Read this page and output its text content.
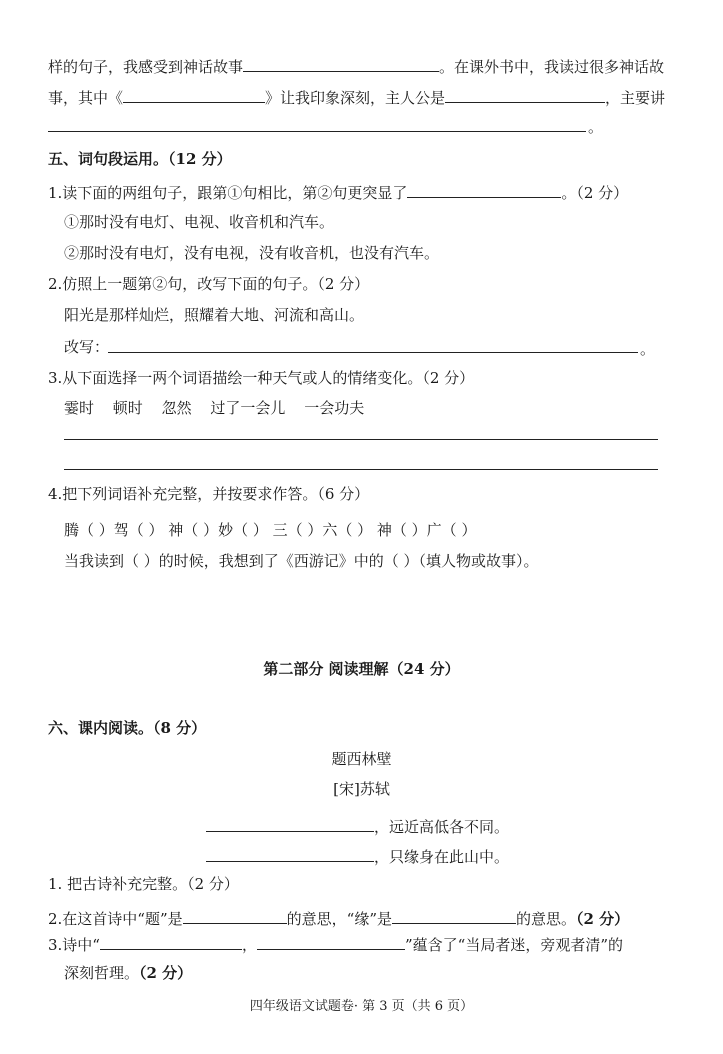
样的句子，我感受到神话故事	。在课外书中，我读过很多神话故
事，其中《	》让我印象深刻，主人公是	，主要讲
。
五、词句段运用。（12 分）
1.读下面的两组句子，跟第①句相比，第②句更突显了	。（2 分）
①那时没有电灯、电视、收音机和汽车。
②那时没有电灯，没有电视，没有收音机，也没有汽车。
2.仿照上一题第②句，改写下面的句子。（2 分）
阳光是那样灿烂，照耀着大地、河流和高山。
改写：	。
3.从下面选择一两个词语描绘一种天气或人的情绪变化。（2 分）
霎时 顿时 忽然 过了一会儿 一会功夫
4.把下列词语补充完整，并按要求作答。（6 分）
腾（ ）驾（ ） 神（ ）妙（ ） 三（ ）六（ ） 神（ ）广（ ）
当我读到（ ）的时候，我想到了《西游记》中的（ ）（填人物或故事）。
第二部分 阅读理解（24 分）
六、课内阅读。（8 分）
题西林壁
[宋]苏轼
，远近高低各不同。
，只缘身在此山中。
1. 把古诗补充完整。（2 分）
2.在这首诗中“题”是	的意思，“缘”是	的意思。（2 分）
3.诗中“	，	”蕴含了“当局者迷，旁观者清”的
深刻哲理。（2 分）
四年级语文试题卷· 第 3 页（共 6 页）
